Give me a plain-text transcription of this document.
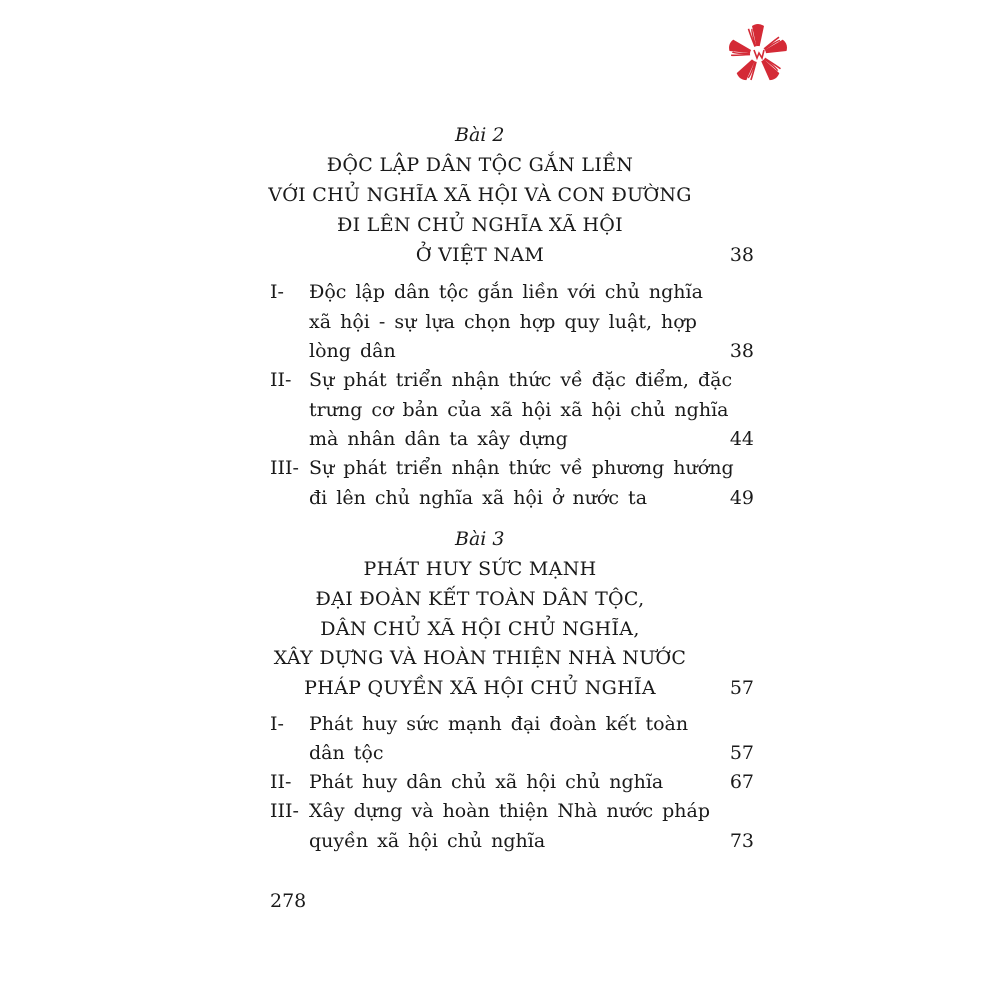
Bài 2
ĐỘC LẬP DÂN TỘC GẮN LIỀN
VỚI CHỦ NGHĨA XÃ HỘI VÀ CON ĐƯỜNG
ĐI LÊN CHỦ NGHĨA XÃ HỘI
Ở VIỆT NAM	38
I- Độc lập dân tộc gắn liền với chủ nghĩa
xã hội - sự lựa chọn hợp quy luật, hợp
lòng dân	38
II- Sự phát triển nhận thức về đặc điểm, đặc
trưng cơ bản của xã hội xã hội chủ nghĩa
mà nhân dân ta xây dựng	44
III- Sự phát triển nhận thức về phương hướng
đi lên chủ nghĩa xã hội ở nước ta	49
Bài 3
PHÁT HUY SỨC MẠNH
ĐẠI ĐOÀN KẾT TOÀN DÂN TỘC,
DÂN CHỦ XÃ HỘI CHỦ NGHĨA,
XÂY DỰNG VÀ HOÀN THIỆN NHÀ NƯỚC
PHÁP QUYỀN XÃ HỘI CHỦ NGHĨA	57
I- Phát huy sức mạnh đại đoàn kết toàn
dân tộc	57
II- Phát huy dân chủ xã hội chủ nghĩa	67
III- Xây dựng và hoàn thiện Nhà nước pháp
quyền xã hội chủ nghĩa	73
278
